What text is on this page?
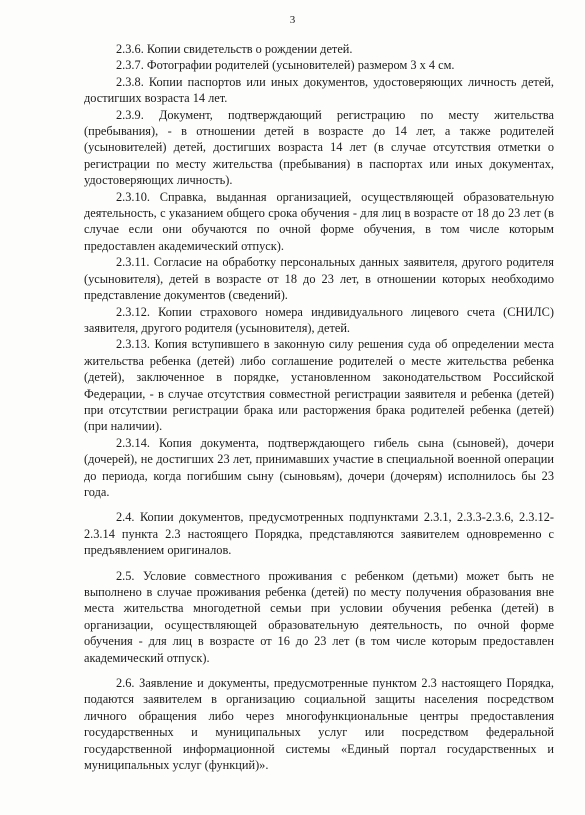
3

2.3.6. Копии свидетельств о рождении детей.

2.3.7. Фотографии родителей (усыновителей) размером 3 х 4 см.

2.3.8. Копии паспортов или иных документов, удостоверяющих личность детей, достигших возраста 14 лет.

2.3.9. Документ, подтверждающий регистрацию по месту жительства (пребывания), - в отношении детей в возрасте до 14 лет, а также родителей (усыновителей) детей, достигших возраста 14 лет (в случае отсутствия отметки о регистрации по месту жительства (пребывания) в паспортах или иных документах, удостоверяющих личность).

2.3.10. Справка, выданная организацией, осуществляющей образовательную деятельность, с указанием общего срока обучения - для лиц в возрасте от 18 до 23 лет (в случае если они обучаются по очной форме обучения, в том числе которым предоставлен академический отпуск).

2.3.11. Согласие на обработку персональных данных заявителя, другого родителя (усыновителя), детей в возрасте от 18 до 23 лет, в отношении которых необходимо представление документов (сведений).

2.3.12. Копии страхового номера индивидуального лицевого счета (СНИЛС) заявителя, другого родителя (усыновителя), детей.

2.3.13. Копия вступившего в законную силу решения суда об определении места жительства ребенка (детей) либо соглашение родителей о месте жительства ребенка (детей), заключенное в порядке, установленном законодательством Российской Федерации, - в случае отсутствия совместной регистрации заявителя и ребенка (детей) при отсутствии регистрации брака или расторжения брака родителей ребенка (детей) (при наличии).

2.3.14. Копия документа, подтверждающего гибель сына (сыновей), дочери (дочерей), не достигших 23 лет, принимавших участие в специальной военной операции до периода, когда погибшим сыну (сыновьям), дочери (дочерям) исполнилось бы 23 года.

2.4. Копии документов, предусмотренных подпунктами 2.3.1, 2.3.3-2.3.6, 2.3.12-2.3.14 пункта 2.3 настоящего Порядка, представляются заявителем одновременно с предъявлением оригиналов.

2.5. Условие совместного проживания с ребенком (детьми) может быть не выполнено в случае проживания ребенка (детей) по месту получения образования вне места жительства многодетной семьи при условии обучения ребенка (детей) в организации, осуществляющей образовательную деятельность, по очной форме обучения - для лиц в возрасте от 16 до 23 лет (в том числе которым предоставлен академический отпуск).

2.6. Заявление и документы, предусмотренные пунктом 2.3 настоящего Порядка, подаются заявителем в организацию социальной защиты населения посредством личного обращения либо через многофункциональные центры предоставления государственных и муниципальных услуг или посредством федеральной государственной информационной системы «Единый портал государственных и муниципальных услуг (функций)».
